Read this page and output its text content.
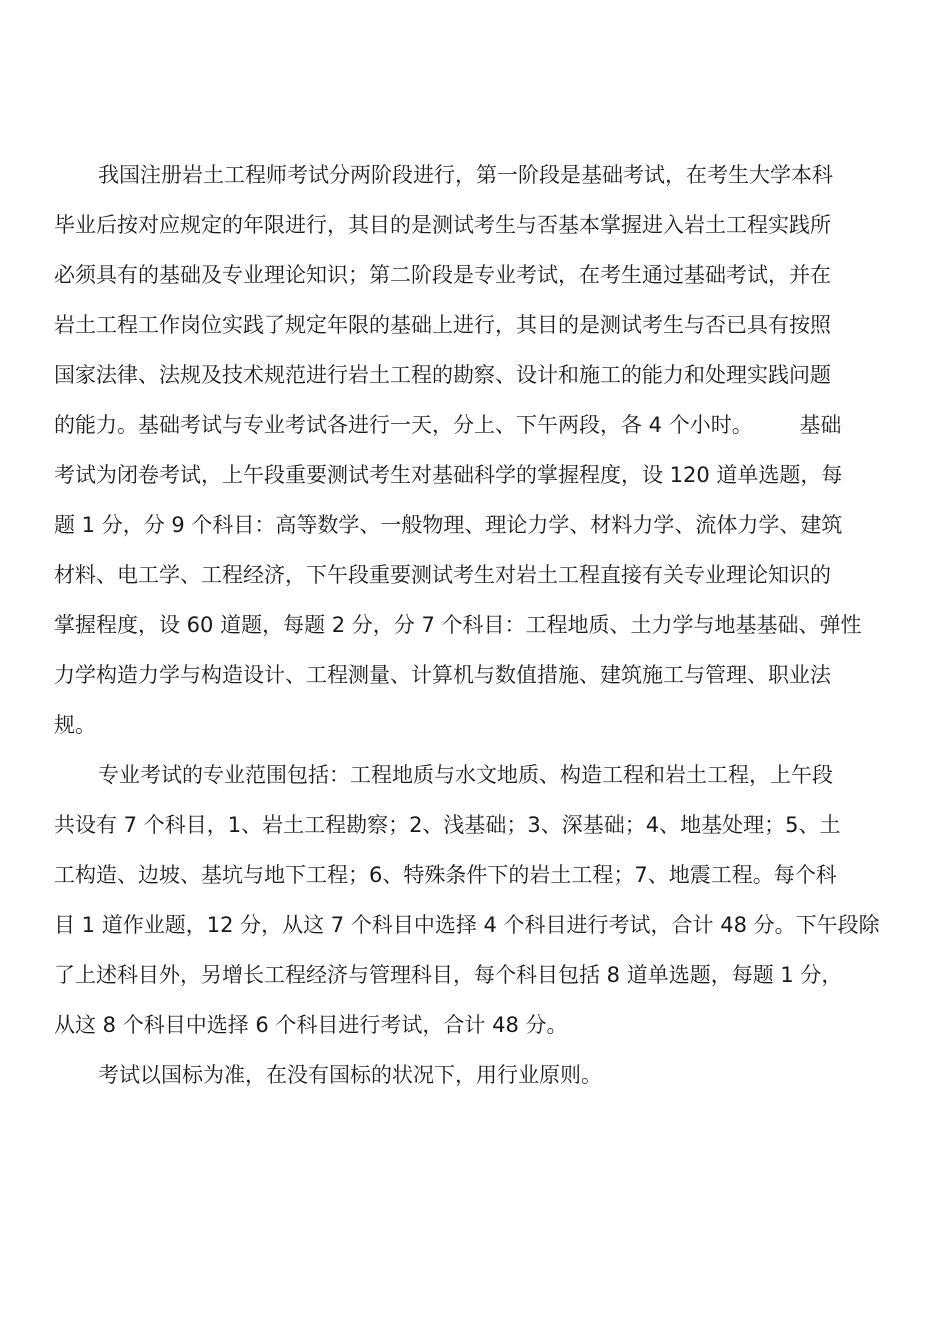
我国注册岩土工程师考试分两阶段进行，第一阶段是基础考试，在考生大学本科
毕业后按对应规定的年限进行，其目的是测试考生与否基本掌握进入岩土工程实践所
必须具有的基础及专业理论知识；第二阶段是专业考试，在考生通过基础考试，并在
岩土工程工作岗位实践了规定年限的基础上进行，其目的是测试考生与否已具有按照
国家法律、法规及技术规范进行岩土工程的勘察、设计和施工的能力和处理实践问题
的能力。基础考试与专业考试各进行一天，分上、下午两段，各 4 个小时。       基础
考试为闭卷考试，上午段重要测试考生对基础科学的掌握程度，设 120 道单选题，每
题 1 分，分 9 个科目：高等数学、一般物理、理论力学、材料力学、流体力学、建筑
材料、电工学、工程经济，下午段重要测试考生对岩土工程直接有关专业理论知识的
掌握程度，设 60 道题，每题 2 分，分 7 个科目：工程地质、土力学与地基基础、弹性
力学构造力学与构造设计、工程测量、计算机与数值措施、建筑施工与管理、职业法
规。
专业考试的专业范围包括：工程地质与水文地质、构造工程和岩土工程，上午段
共设有 7 个科目，1、岩土工程勘察；2、浅基础；3、深基础；4、地基处理；5、土
工构造、边坡、基坑与地下工程；6、特殊条件下的岩土工程；7、地震工程。每个科
目 1 道作业题，12 分，从这 7 个科目中选择 4 个科目进行考试，合计 48 分。下午段除
了上述科目外，另增长工程经济与管理科目，每个科目包括 8 道单选题，每题 1 分，
从这 8 个科目中选择 6 个科目进行考试，合计 48 分。
考试以国标为准，在没有国标的状况下，用行业原则。
